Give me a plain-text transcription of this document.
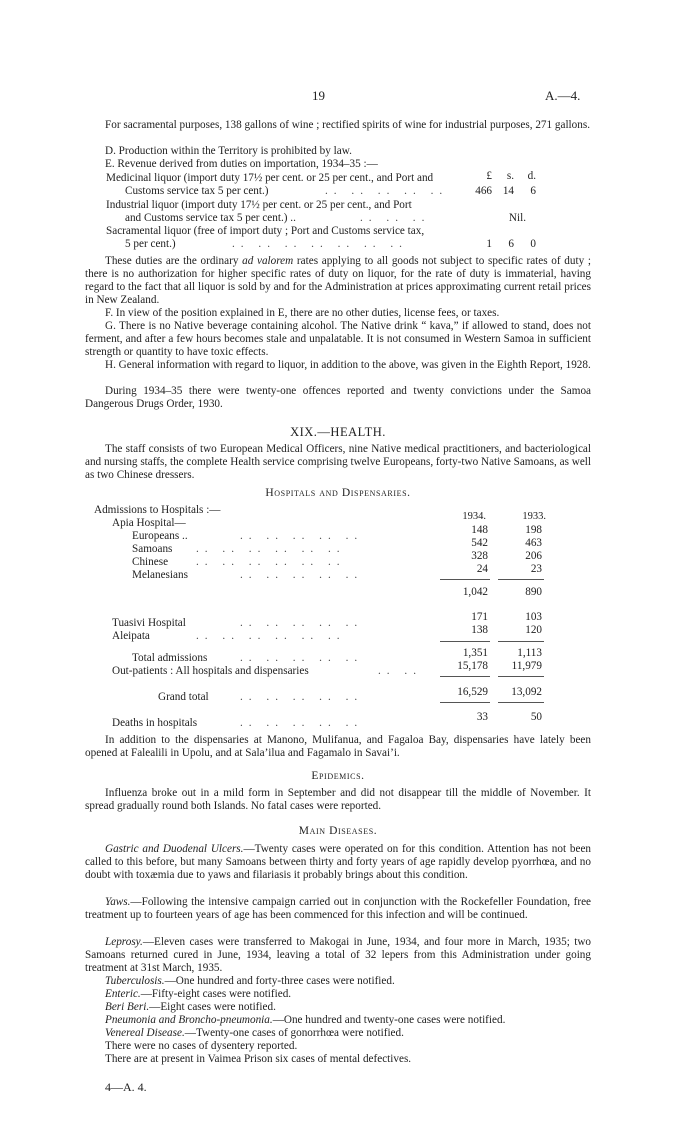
19	A.—4.
For sacramental purposes, 138 gallons of wine ; rectified spirits of wine for industrial purposes, 271 gallons.
D. Production within the Territory is prohibited by law.
E. Revenue derived from duties on importation, 1934–35 :—
£	s.	d.
Medicinal liquor (import duty 17½ per cent. or 25 per cent., and Port and
Customs service tax 5 per cent.)	.. .. .. .. ..	466 14	6
Industrial liquor (import duty 17½ per cent. or 25 per cent., and Port
and Customs service tax 5 per cent.) ..	.. .. ..	Nil.
Sacramental liquor (free of import duty ; Port and Customs service tax,
5 per cent.)	.. .. .. .. .. .. ..	1	6	0
These duties are the ordinary ad valorem rates applying to all goods not subject to specific rates of duty ; there is no authorization for higher specific rates of duty on liquor, for the rate of duty is immaterial, having regard to the fact that all liquor is sold by and for the Administration at prices approximating current retail prices in New Zealand.
F. In view of the position explained in E, there are no other duties, license fees, or taxes.
G. There is no Native beverage containing alcohol. The Native drink “ kava,” if allowed to stand, does not ferment, and after a few hours becomes stale and unpalatable. It is not consumed in Western Samoa in sufficient strength or quantity to have toxic effects.
H. General information with regard to liquor, in addition to the above, was given in the Eighth Report, 1928.
During 1934–35 there were twenty-one offences reported and twenty convictions under the Samoa Dangerous Drugs Order, 1930.
XIX.—HEALTH.
The staff consists of two European Medical Officers, nine Native medical practitioners, and bacteriological and nursing staffs, the complete Health service comprising twelve Europeans, forty-two Native Samoans, as well as two Chinese dressers.
Hospitals and Dispensaries.
Admissions to Hospitals :—
Apia Hospital—
1934.	1933.
Europeans ..	.. .. .. .. ..	148	198
Samoans .. .. .. .. .. ..	542	463
Chinese .. .. .. .. .. ..	328	206
Melanesians	.. .. .. .. ..	24	23
1,042	890
Tuasivi Hospital	.. .. .. .. ..	171	103
Aleipata	.. .. .. .. .. ..	138	120
Total admissions	.. .. .. .. ..	1,351	1,113
Out-patients : All hospitals and dispensaries	.. ..	15,178	11,979
Grand total	.. .. .. .. ..	16,529	13,092
Deaths in hospitals	.. .. .. .. ..	33	50
In addition to the dispensaries at Manono, Mulifanua, and Fagaloa Bay, dispensaries have lately been opened at Falealili in Upolu, and at Sala’ilua and Fagamalo in Savai’i.
Epidemics.
Influenza broke out in a mild form in September and did not disappear till the middle of November. It spread gradually round both Islands. No fatal cases were reported.
Main Diseases.
Gastric and Duodenal Ulcers.—Twenty cases were operated on for this condition. Attention has not been called to this before, but many Samoans between thirty and forty years of age rapidly develop pyorrhœa, and no doubt with toxæmia due to yaws and filariasis it probably brings about this condition.
Yaws.—Following the intensive campaign carried out in conjunction with the Rockefeller Foundation, free treatment up to fourteen years of age has been commenced for this infection and will be continued.
Leprosy.—Eleven cases were transferred to Makogai in June, 1934, and four more in March, 1935; two Samoans returned cured in June, 1934, leaving a total of 32 lepers from this Administration under going treatment at 31st March, 1935.
Tuberculosis.—One hundred and forty-three cases were notified.
Enteric.—Fifty-eight cases were notified.
Beri Beri.—Eight cases were notified.
Pneumonia and Broncho-pneumonia.—One hundred and twenty-one cases were notified.
Venereal Disease.—Twenty-one cases of gonorrhœa were notified.
There were no cases of dysentery reported.
There are at present in Vaimea Prison six cases of mental defectives.
4—A. 4.
